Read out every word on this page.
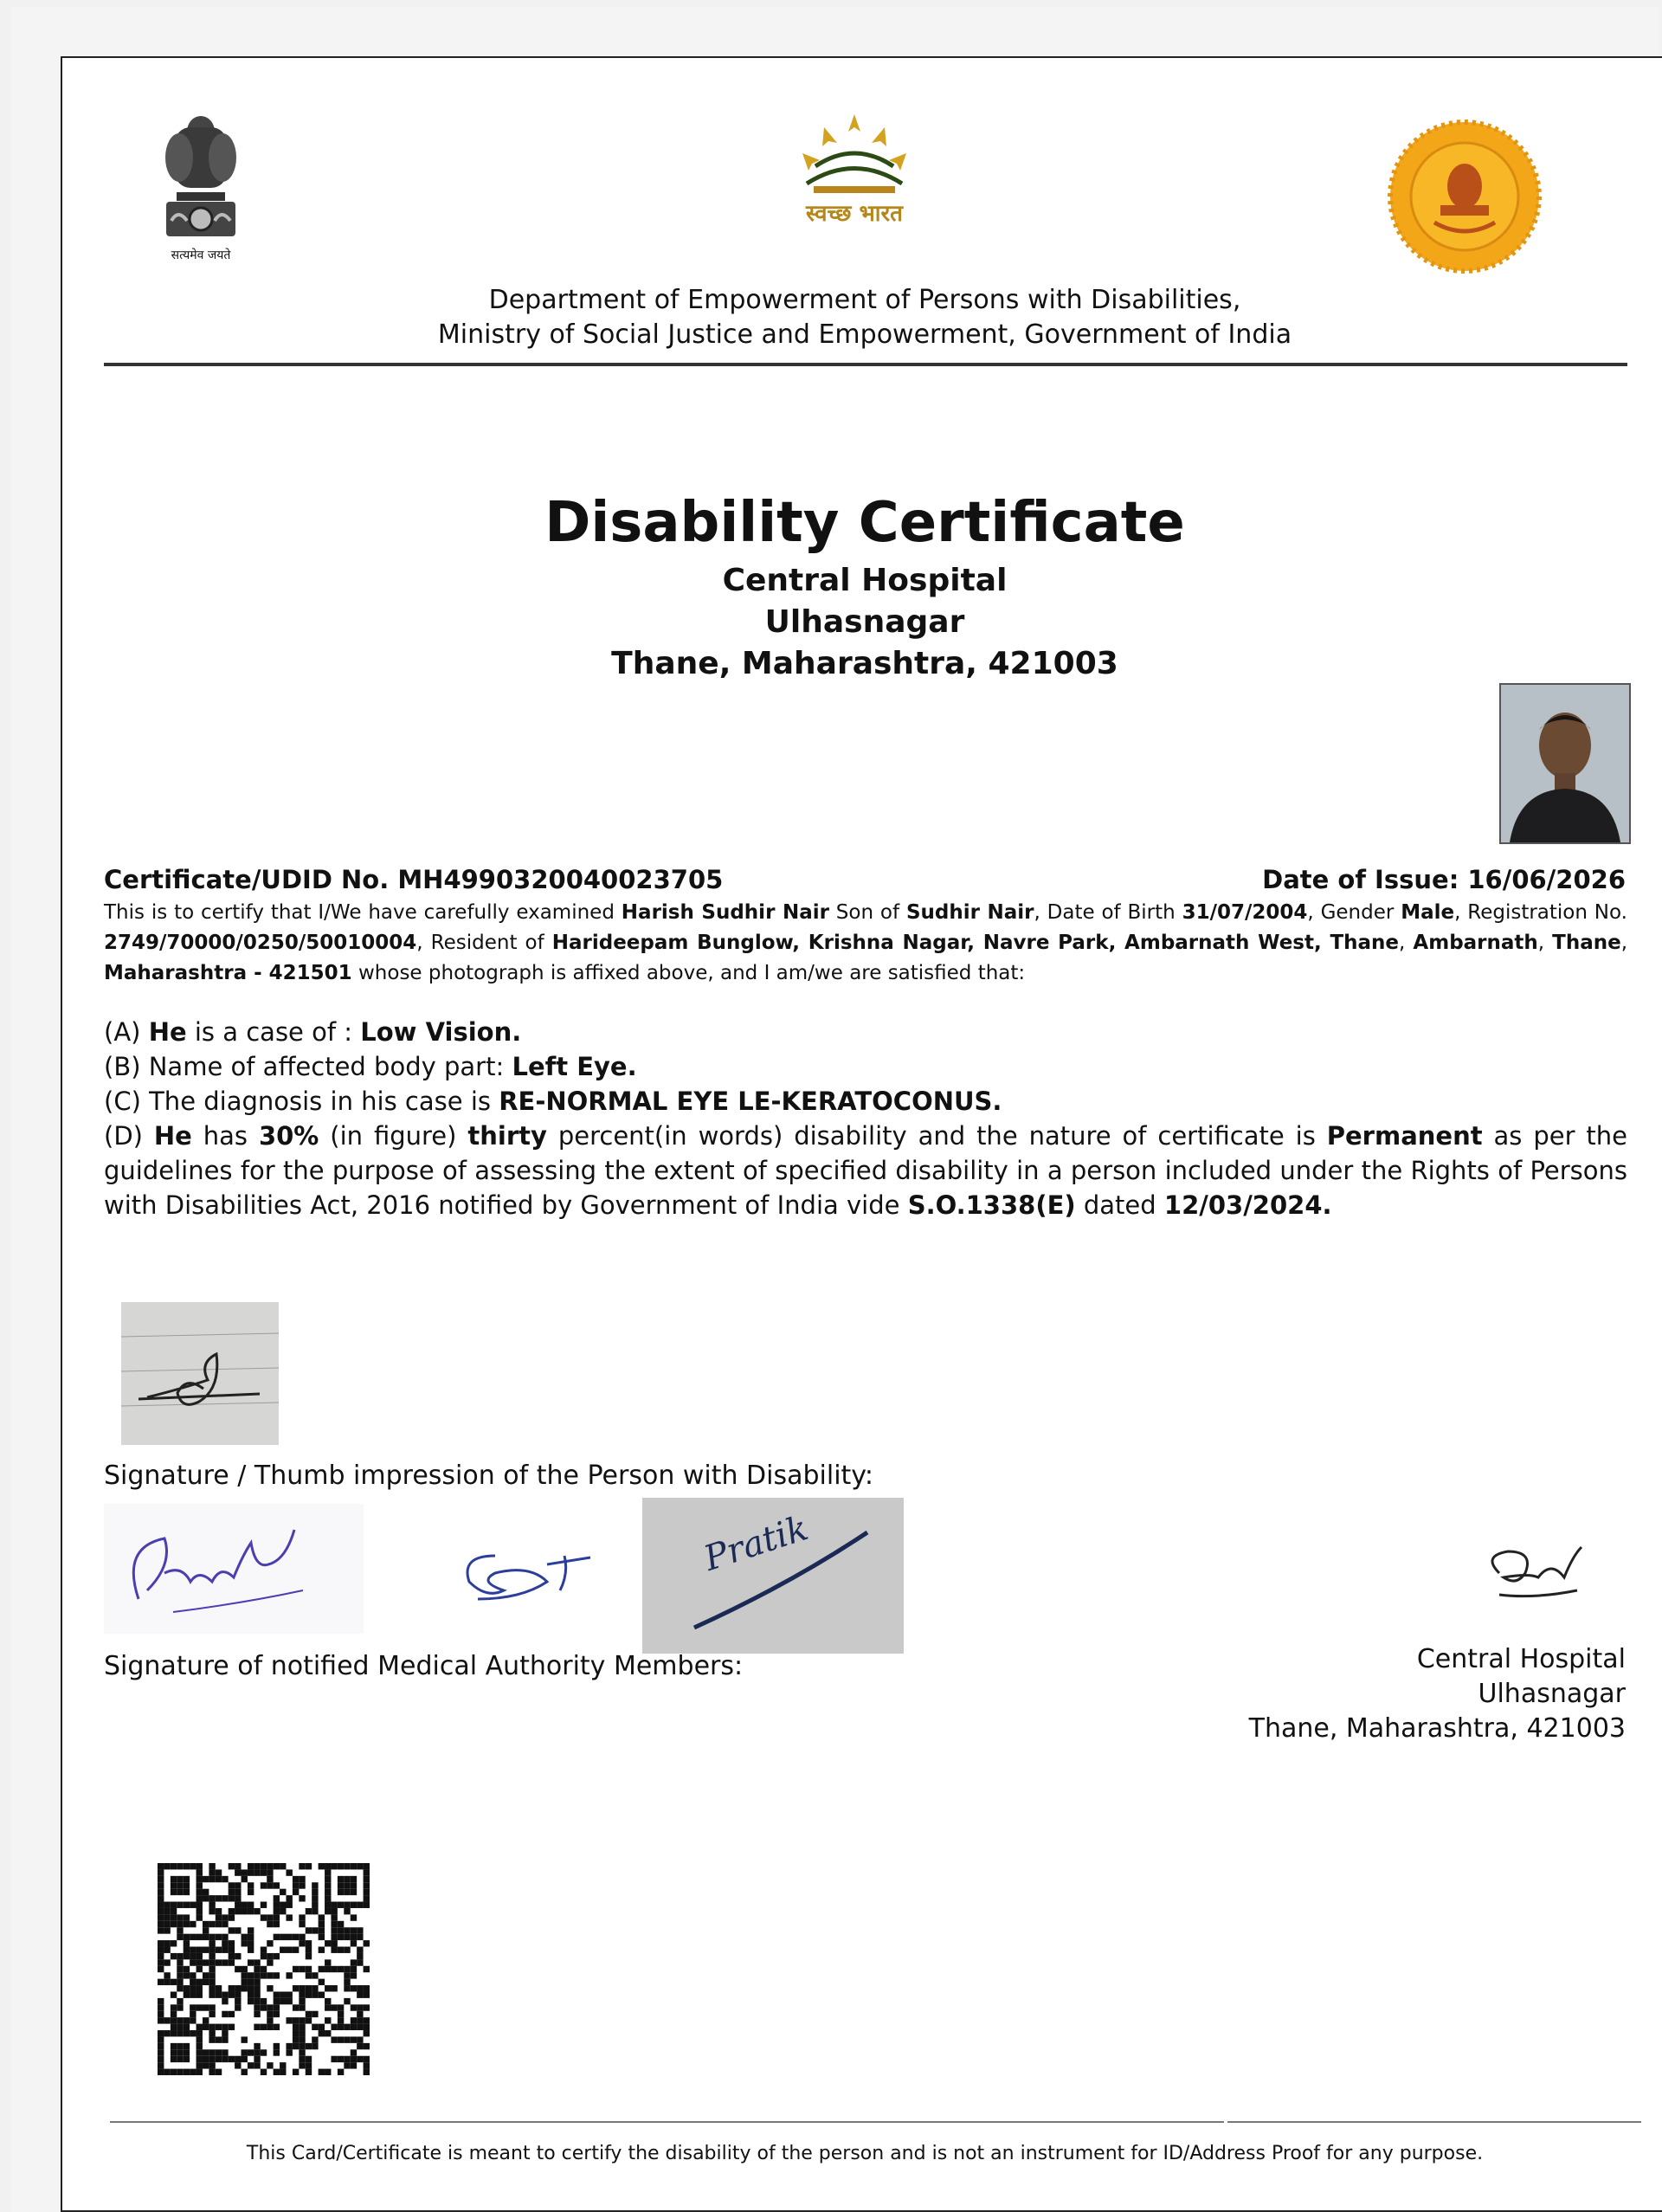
सत्यमेव जयते
स्वच्छ भारत
Department of Empowerment of Persons with Disabilities,
Ministry of Social Justice and Empowerment, Government of India
Disability Certificate
Central Hospital
Ulhasnagar
Thane, Maharashtra, 421003
Certificate/UDID No. MH4990320040023705	Date of Issue: 16/06/2026
This is to certify that I/We have carefully examined Harish Sudhir Nair Son of Sudhir Nair, Date of Birth 31/07/2004, Gender Male, Registration No. 2749/70000/0250/50010004, Resident of Harideepam Bunglow, Krishna Nagar, Navre Park, Ambarnath West, Thane, Ambarnath, Thane, Maharashtra - 421501 whose photograph is affixed above, and I am/we are satisfied that:

(A) He is a case of : Low Vision.

(B) Name of affected body part: Left Eye.

(C) The diagnosis in his case is RE-NORMAL EYE LE-KERATOCONUS.

(D) He has 30% (in figure) thirty percent(in words) disability and the nature of certificate is Permanent as per the guidelines for the purpose of assessing the extent of specified disability in a person included under the Rights of Persons with Disabilities Act, 2016 notified by Government of India vide S.O.1338(E) dated 12/03/2024.

Signature / Thumb impression of the Person with Disability:
Pratik
Signature of notified Medical Authority Members:	Central Hospital
Ulhasnagar
Thane, Maharashtra, 421003
This Card/Certificate is meant to certify the disability of the person and is not an instrument for ID/Address Proof for any purpose.
